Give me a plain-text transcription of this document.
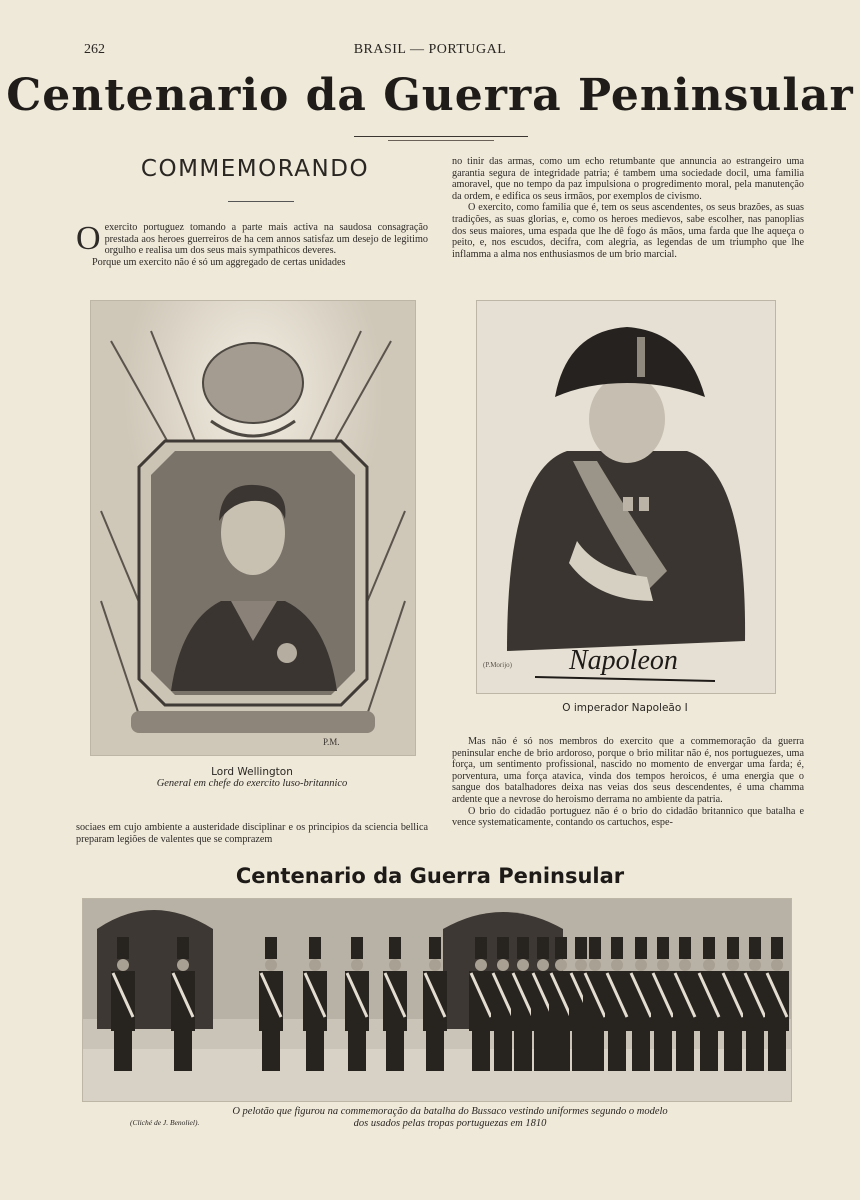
262	BRASIL — PORTUGAL
Centenario da Guerra Peninsular
COMMEMORANDO
O exercito portuguez tomando a parte mais activa na saudosa consagração prestada aos heroes guerreiros de ha cem annos satisfaz um desejo de legitimo orgulho e realisa um dos seus mais sympathicos deveres.
Porque um exercito não é só um aggregado de certas unidades
no tinir das armas, como um echo retumbante que annuncia ao estrangeiro uma garantia segura de integridade patria; é tambem uma sociedade docil, uma familia amoravel, que no tempo da paz impulsiona o progredimento moral, pela manutenção da ordem, e edifica os seus irmãos, por exemplos de civismo.
O exercito, como familia que é, tem os seus ascendentes, os seus brazões, as suas tradições, as suas glorias, e, como os heroes medievos, sabe escolher, nas panoplias dos seus maiores, uma espada que lhe dê fogo ás mãos, uma farda que lhe aqueça o peito, e, nos escudos, decifra, com alegria, as legendas de um triumpho que lhe inflamma a alma nos enthusiasmos de um brio marcial.
P.M.
Lord Wellington
General em chefe do exercito luso-britannico
(P.Morijo) Napoleon
O imperador Napoleão I
sociaes em cujo ambiente a austeridade disciplinar e os principios da sciencia bellica preparam legiões de valentes que se comprazem
Mas não é só nos membros do exercito que a commemoração da guerra peninsular enche de brio ardoroso, porque o brio militar não é, nos portuguezes, uma força, um sentimento profissional, nascido no momento de envergar uma farda; é, porventura, uma força atavica, vinda dos tempos heroicos, é uma energia que o sangue dos batalhadores deixa nas veias dos seus descendentes, é uma chamma ardente que a nevrose do heroismo derrama no ambiente da patria.
O brio do cidadão portuguez não é o brio do cidadão britannico que batalha e vence systematicamente, contando os cartuchos, espe-
Centenario da Guerra Peninsular
O pelotão que figurou na commemoração da batalha do Bussaco vestindo uniformes segundo o modelo
dos usados pelas tropas portuguezas em 1810
(Cliché de J. Benoliel).
